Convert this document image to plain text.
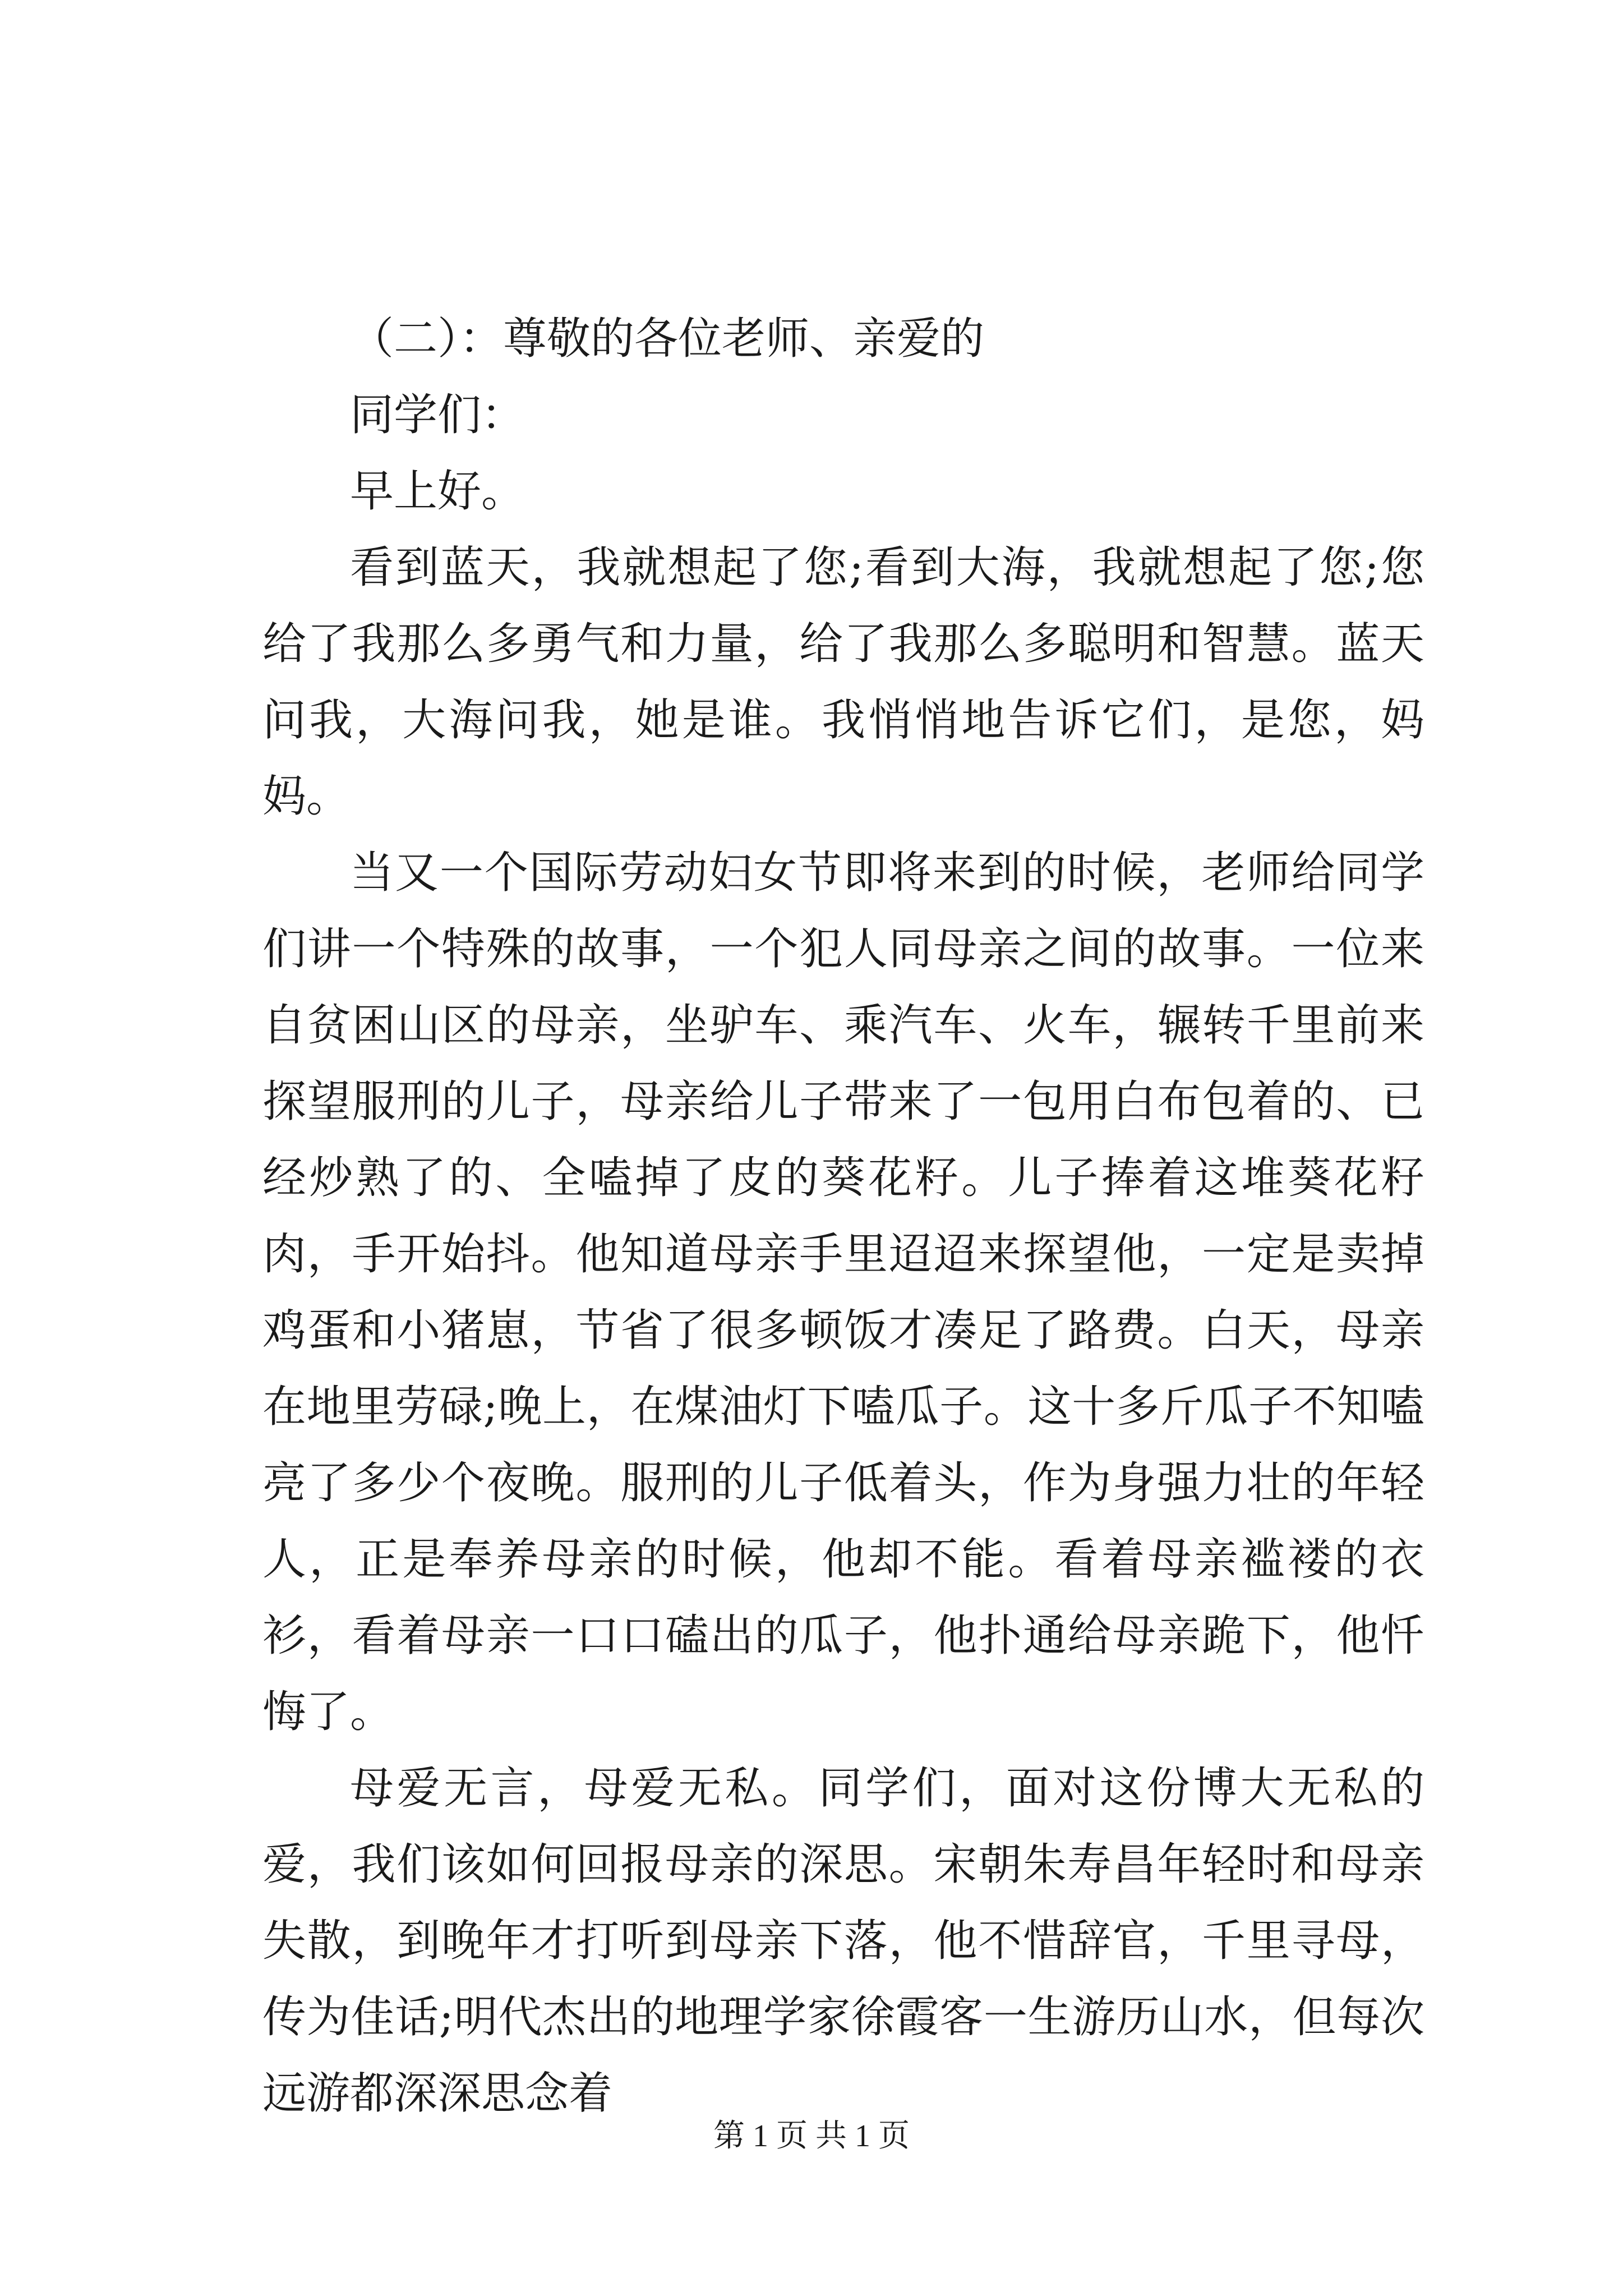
（二）：尊敬的各位老师、亲爱的

同学们：

早上好。

看到蓝天，我就想起了您;看到大海，我就想起了您;您给了我那么多勇气和力量，给了我那么多聪明和智慧。蓝天问我，大海问我，她是谁。我悄悄地告诉它们，是您，妈妈。

当又一个国际劳动妇女节即将来到的时候，老师给同学们讲一个特殊的故事，一个犯人同母亲之间的故事。一位来自贫困山区的母亲，坐驴车、乘汽车、火车，辗转千里前来探望服刑的儿子，母亲给儿子带来了一包用白布包着的、已经炒熟了的、全嗑掉了皮的葵花籽。儿子捧着这堆葵花籽肉，手开始抖。他知道母亲手里迢迢来探望他，一定是卖掉鸡蛋和小猪崽，节省了很多顿饭才凑足了路费。白天，母亲在地里劳碌;晚上，在煤油灯下嗑瓜子。这十多斤瓜子不知嗑亮了多少个夜晚。服刑的儿子低着头，作为身强力壮的年轻人，正是奉养母亲的时候，他却不能。看着母亲褴褛的衣衫，看着母亲一口口磕出的瓜子，他扑通给母亲跪下，他忏悔了。

母爱无言，母爱无私。同学们，面对这份博大无私的爱，我们该如何回报母亲的深思。宋朝朱寿昌年轻时和母亲失散，到晚年才打听到母亲下落，他不惜辞官，千里寻母，传为佳话;明代杰出的地理学家徐霞客一生游历山水，但每次远游都深深思念着

第 1 页 共 1 页
